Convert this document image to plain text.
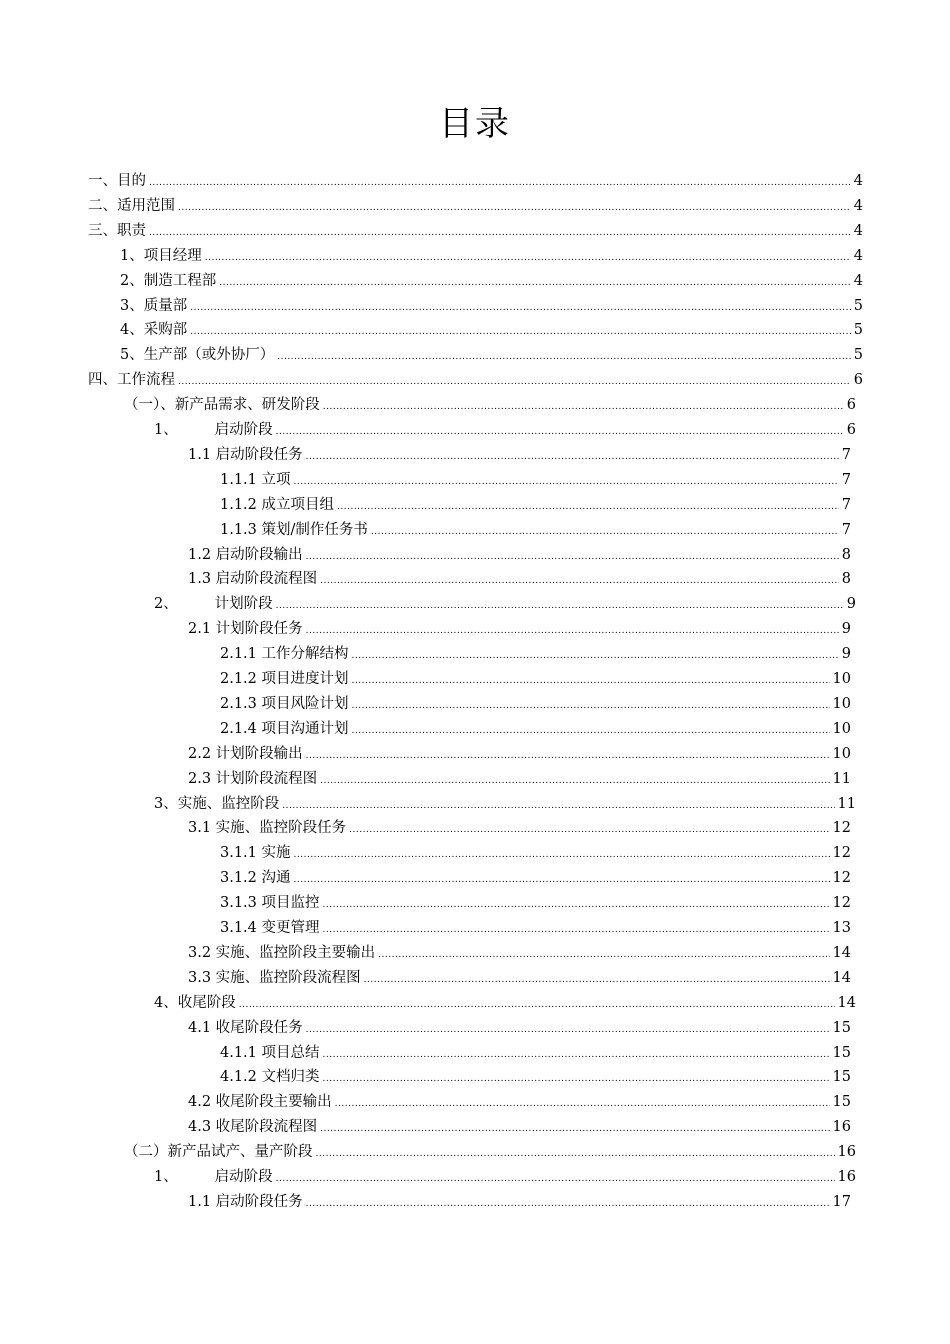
目录
一、目的 .....	4
二、适用范围 .....	4
三、职责 .....	4
1、项目经理 .....	4
2、制造工程部 .....	4
3、质量部 .....	5
4、采购部 .....	5
5、生产部（或外协厂） .....	5
四、工作流程 .....	6
（一）、新产品需求、研发阶段 .....	6
1、        启动阶段 .....	6
1.1 启动阶段任务 .....	7
1.1.1 立项 .....	7
1.1.2 成立项目组 .....	7
1.1.3 策划/制作任务书 .....	7
1.2 启动阶段输出 .....	8
1.3 启动阶段流程图 .....	8
2、        计划阶段 .....	9
2.1 计划阶段任务 .....	9
2.1.1 工作分解结构 .....	9
2.1.2 项目进度计划 .....	10
2.1.3 项目风险计划 .....	10
2.1.4 项目沟通计划 .....	10
2.2 计划阶段输出 .....	10
2.3 计划阶段流程图 .....	11
3、实施、监控阶段 .....	11
3.1 实施、监控阶段任务 .....	12
3.1.1 实施 .....	12
3.1.2 沟通 .....	12
3.1.3 项目监控 .....	12
3.1.4 变更管理 .....	13
3.2 实施、监控阶段主要输出 .....	14
3.3 实施、监控阶段流程图 .....	14
4、收尾阶段 .....	14
4.1 收尾阶段任务 .....	15
4.1.1 项目总结 .....	15
4.1.2 文档归类 .....	15
4.2 收尾阶段主要输出 .....	15
4.3 收尾阶段流程图 .....	16
（二）新产品试产、量产阶段 .....	16
1、        启动阶段 .....	16
1.1 启动阶段任务 .....	17
